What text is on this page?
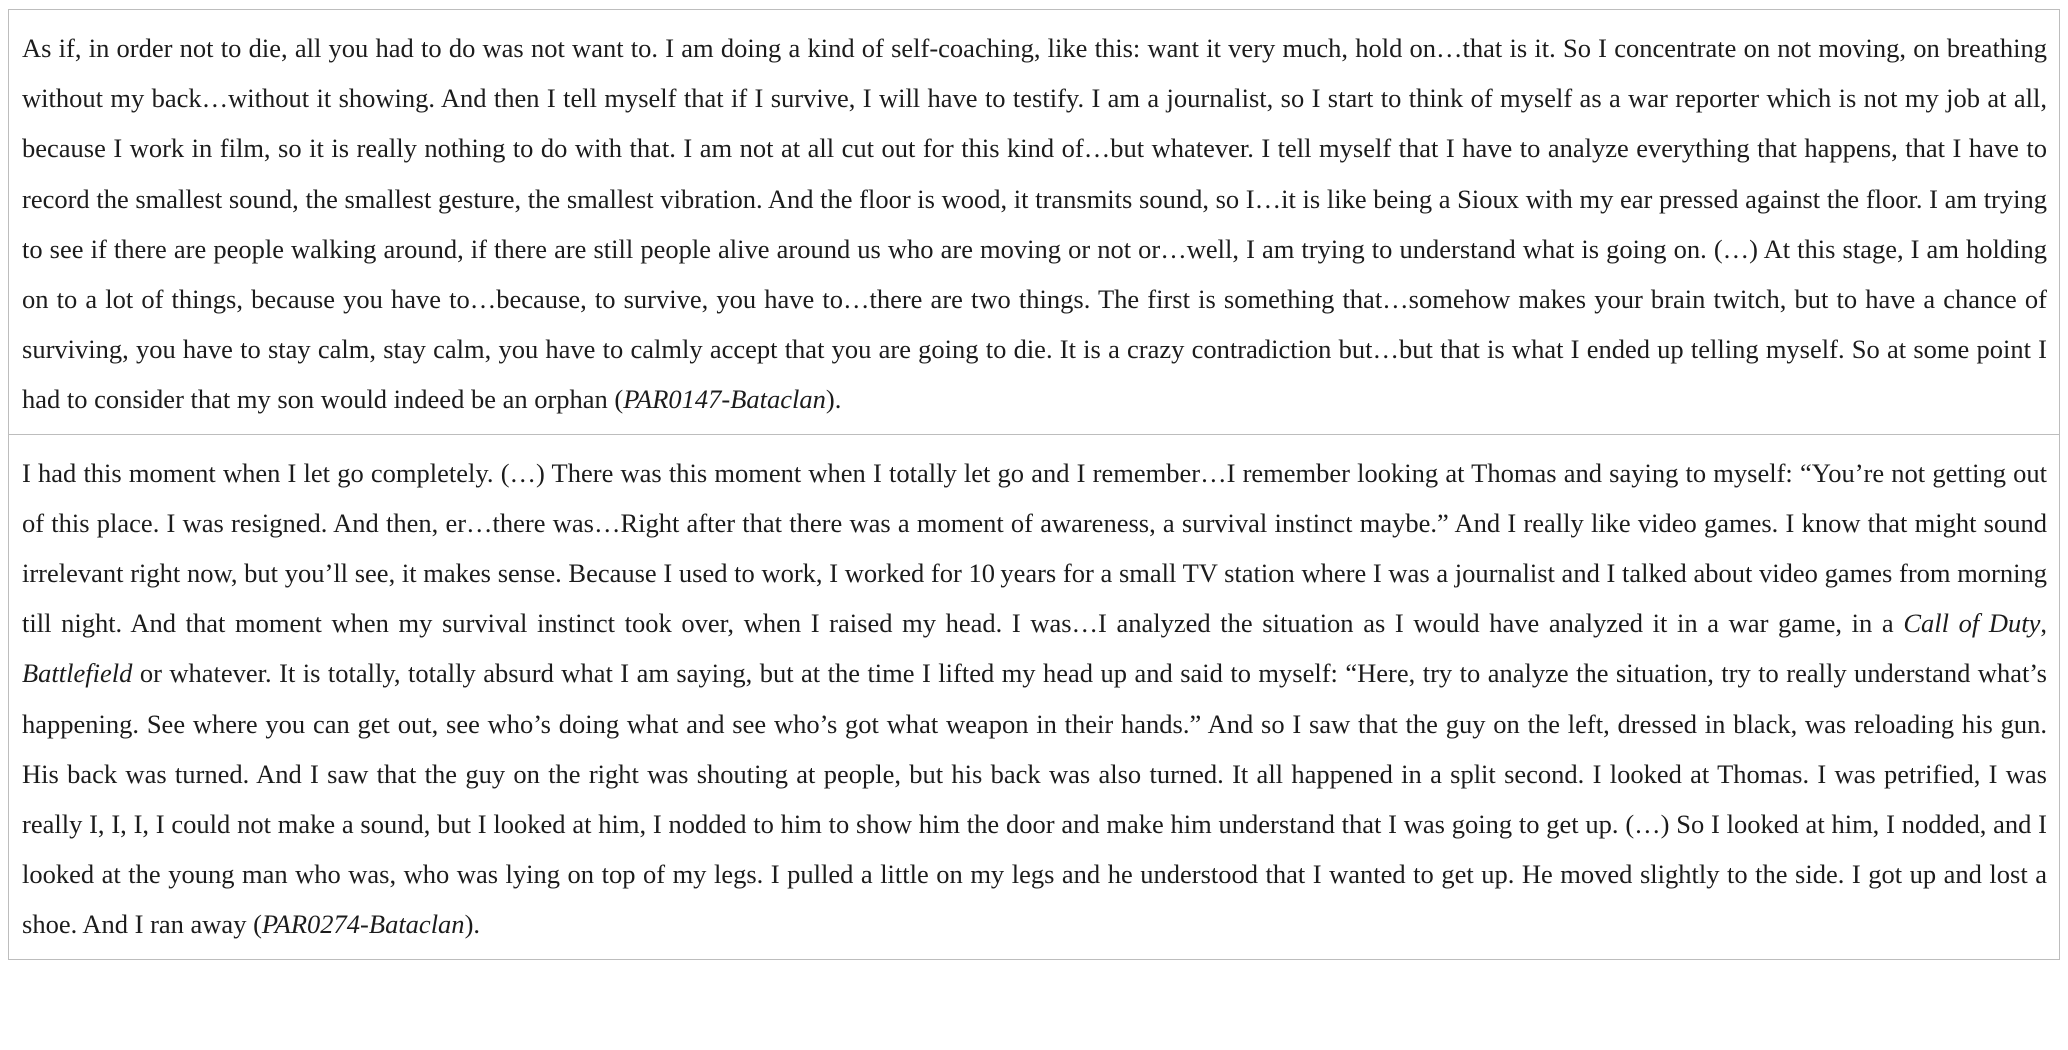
As if, in order not to die, all you had to do was not want to. I am doing a kind of self-coaching, like this: want it very much, hold on…that is it. So I concentrate on not moving, on breathing without my back…without it showing. And then I tell myself that if I survive, I will have to testify. I am a journalist, so I start to think of myself as a war reporter which is not my job at all, because I work in film, so it is really nothing to do with that. I am not at all cut out for this kind of…but whatever. I tell myself that I have to analyze everything that happens, that I have to record the smallest sound, the smallest gesture, the smallest vibration. And the floor is wood, it transmits sound, so I…it is like being a Sioux with my ear pressed against the floor. I am trying to see if there are people walking around, if there are still people alive around us who are moving or not or…well, I am trying to understand what is going on. (…) At this stage, I am holding on to a lot of things, because you have to…because, to survive, you have to…there are two things. The first is something that…somehow makes your brain twitch, but to have a chance of surviving, you have to stay calm, stay calm, you have to calmly accept that you are going to die. It is a crazy contradiction but…but that is what I ended up telling myself. So at some point I had to consider that my son would indeed be an orphan (PAR0147-Bataclan).

I had this moment when I let go completely. (…) There was this moment when I totally let go and I remember…I remember looking at Thomas and saying to myself: “You’re not getting out of this place. I was resigned. And then, er…there was…Right after that there was a moment of awareness, a survival instinct maybe.” And I really like video games. I know that might sound irrelevant right now, but you’ll see, it makes sense. Because I used to work, I worked for 10 years for a small TV station where I was a journalist and I talked about video games from morning till night. And that moment when my survival instinct took over, when I raised my head. I was…I analyzed the situation as I would have analyzed it in a war game, in a Call of Duty, Battlefield or whatever. It is totally, totally absurd what I am saying, but at the time I lifted my head up and said to myself: “Here, try to analyze the situation, try to really understand what’s happening. See where you can get out, see who’s doing what and see who’s got what weapon in their hands.” And so I saw that the guy on the left, dressed in black, was reloading his gun. His back was turned. And I saw that the guy on the right was shouting at people, but his back was also turned. It all happened in a split second. I looked at Thomas. I was petrified, I was really I, I, I, I could not make a sound, but I looked at him, I nodded to him to show him the door and make him understand that I was going to get up. (…) So I looked at him, I nodded, and I looked at the young man who was, who was lying on top of my legs. I pulled a little on my legs and he understood that I wanted to get up. He moved slightly to the side. I got up and lost a shoe. And I ran away (PAR0274-Bataclan).
